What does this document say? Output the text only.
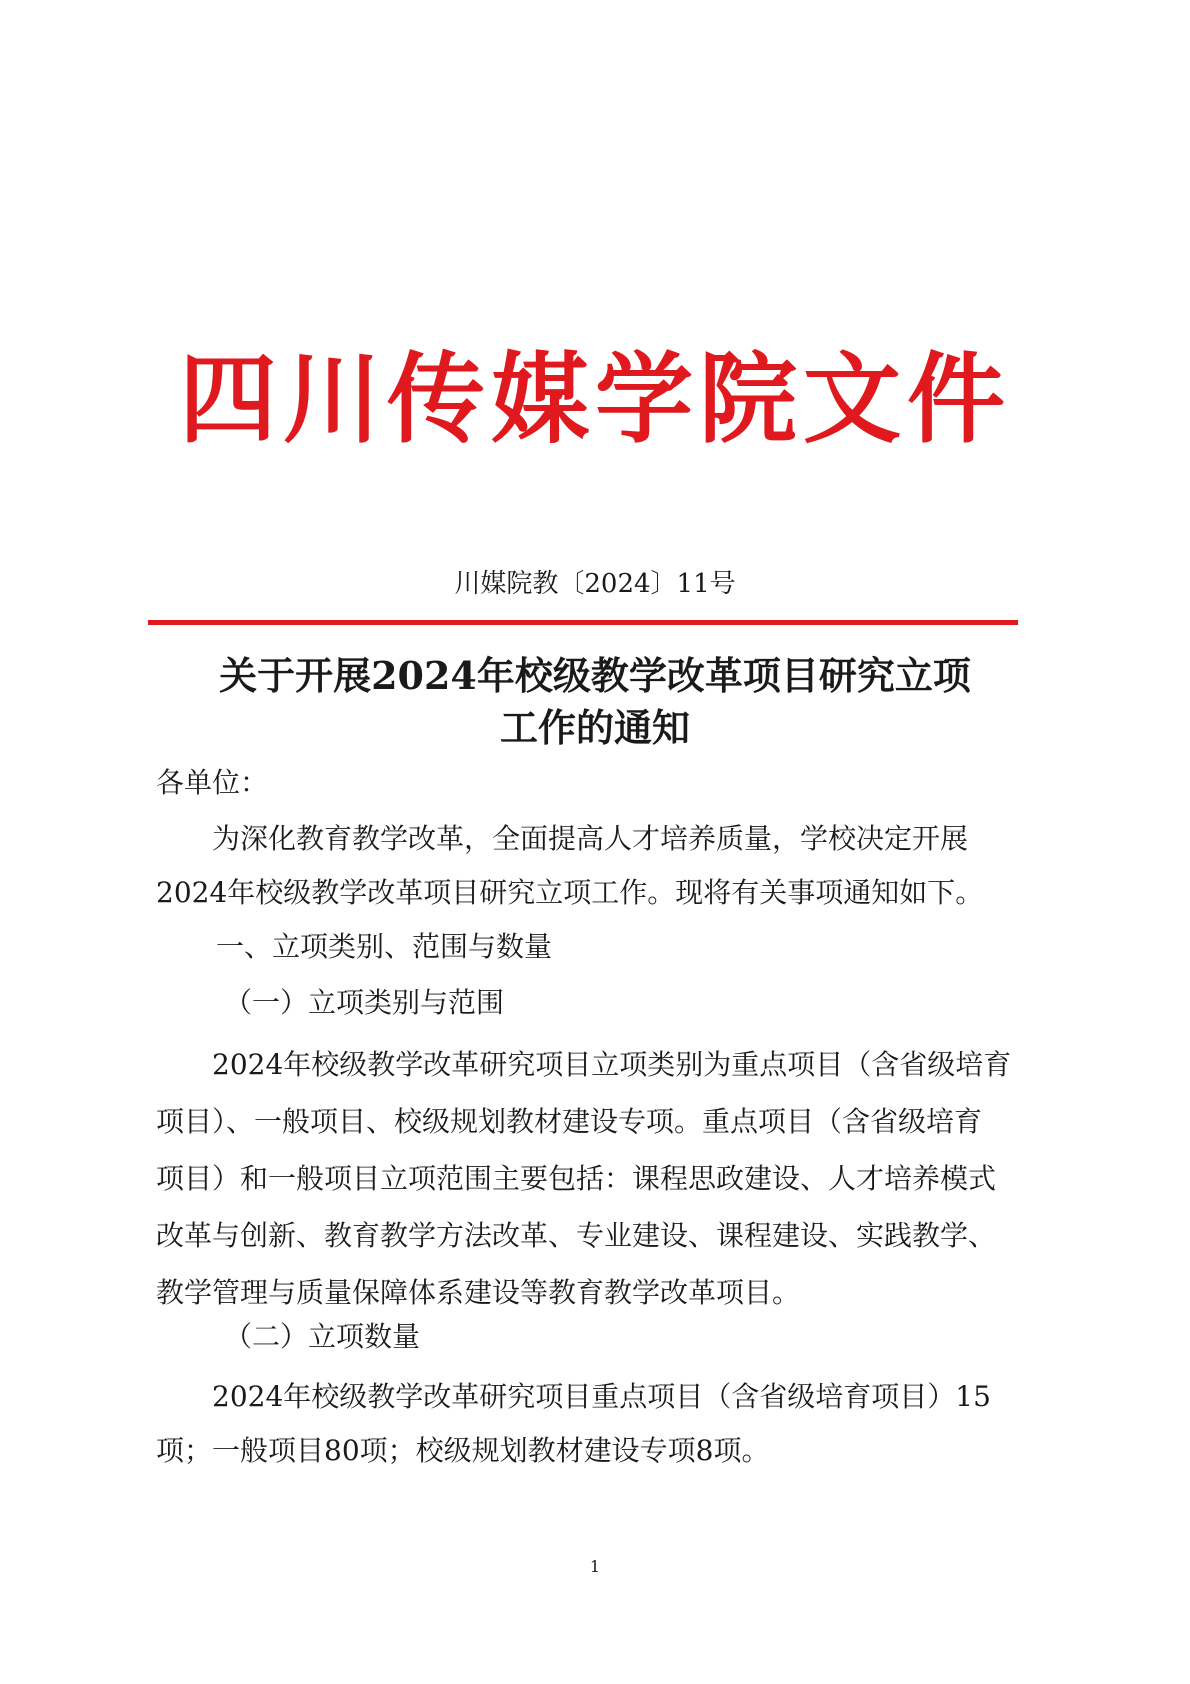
四川传媒学院文件
川媒院教〔2024〕11号
关于开展2024年校级教学改革项目研究立项
工作的通知
各单位：
为深化教育教学改革，全面提高人才培养质量，学校决定开展
2024年校级教学改革项目研究立项工作。现将有关事项通知如下。
一、立项类别、范围与数量
（一）立项类别与范围
2024年校级教学改革研究项目立项类别为重点项目（含省级培育
项目）、一般项目、校级规划教材建设专项。重点项目（含省级培育
项目）和一般项目立项范围主要包括：课程思政建设、人才培养模式
改革与创新、教育教学方法改革、专业建设、课程建设、实践教学、
教学管理与质量保障体系建设等教育教学改革项目。
（二）立项数量
2024年校级教学改革研究项目重点项目（含省级培育项目）15
项；一般项目80项；校级规划教材建设专项8项。
1
